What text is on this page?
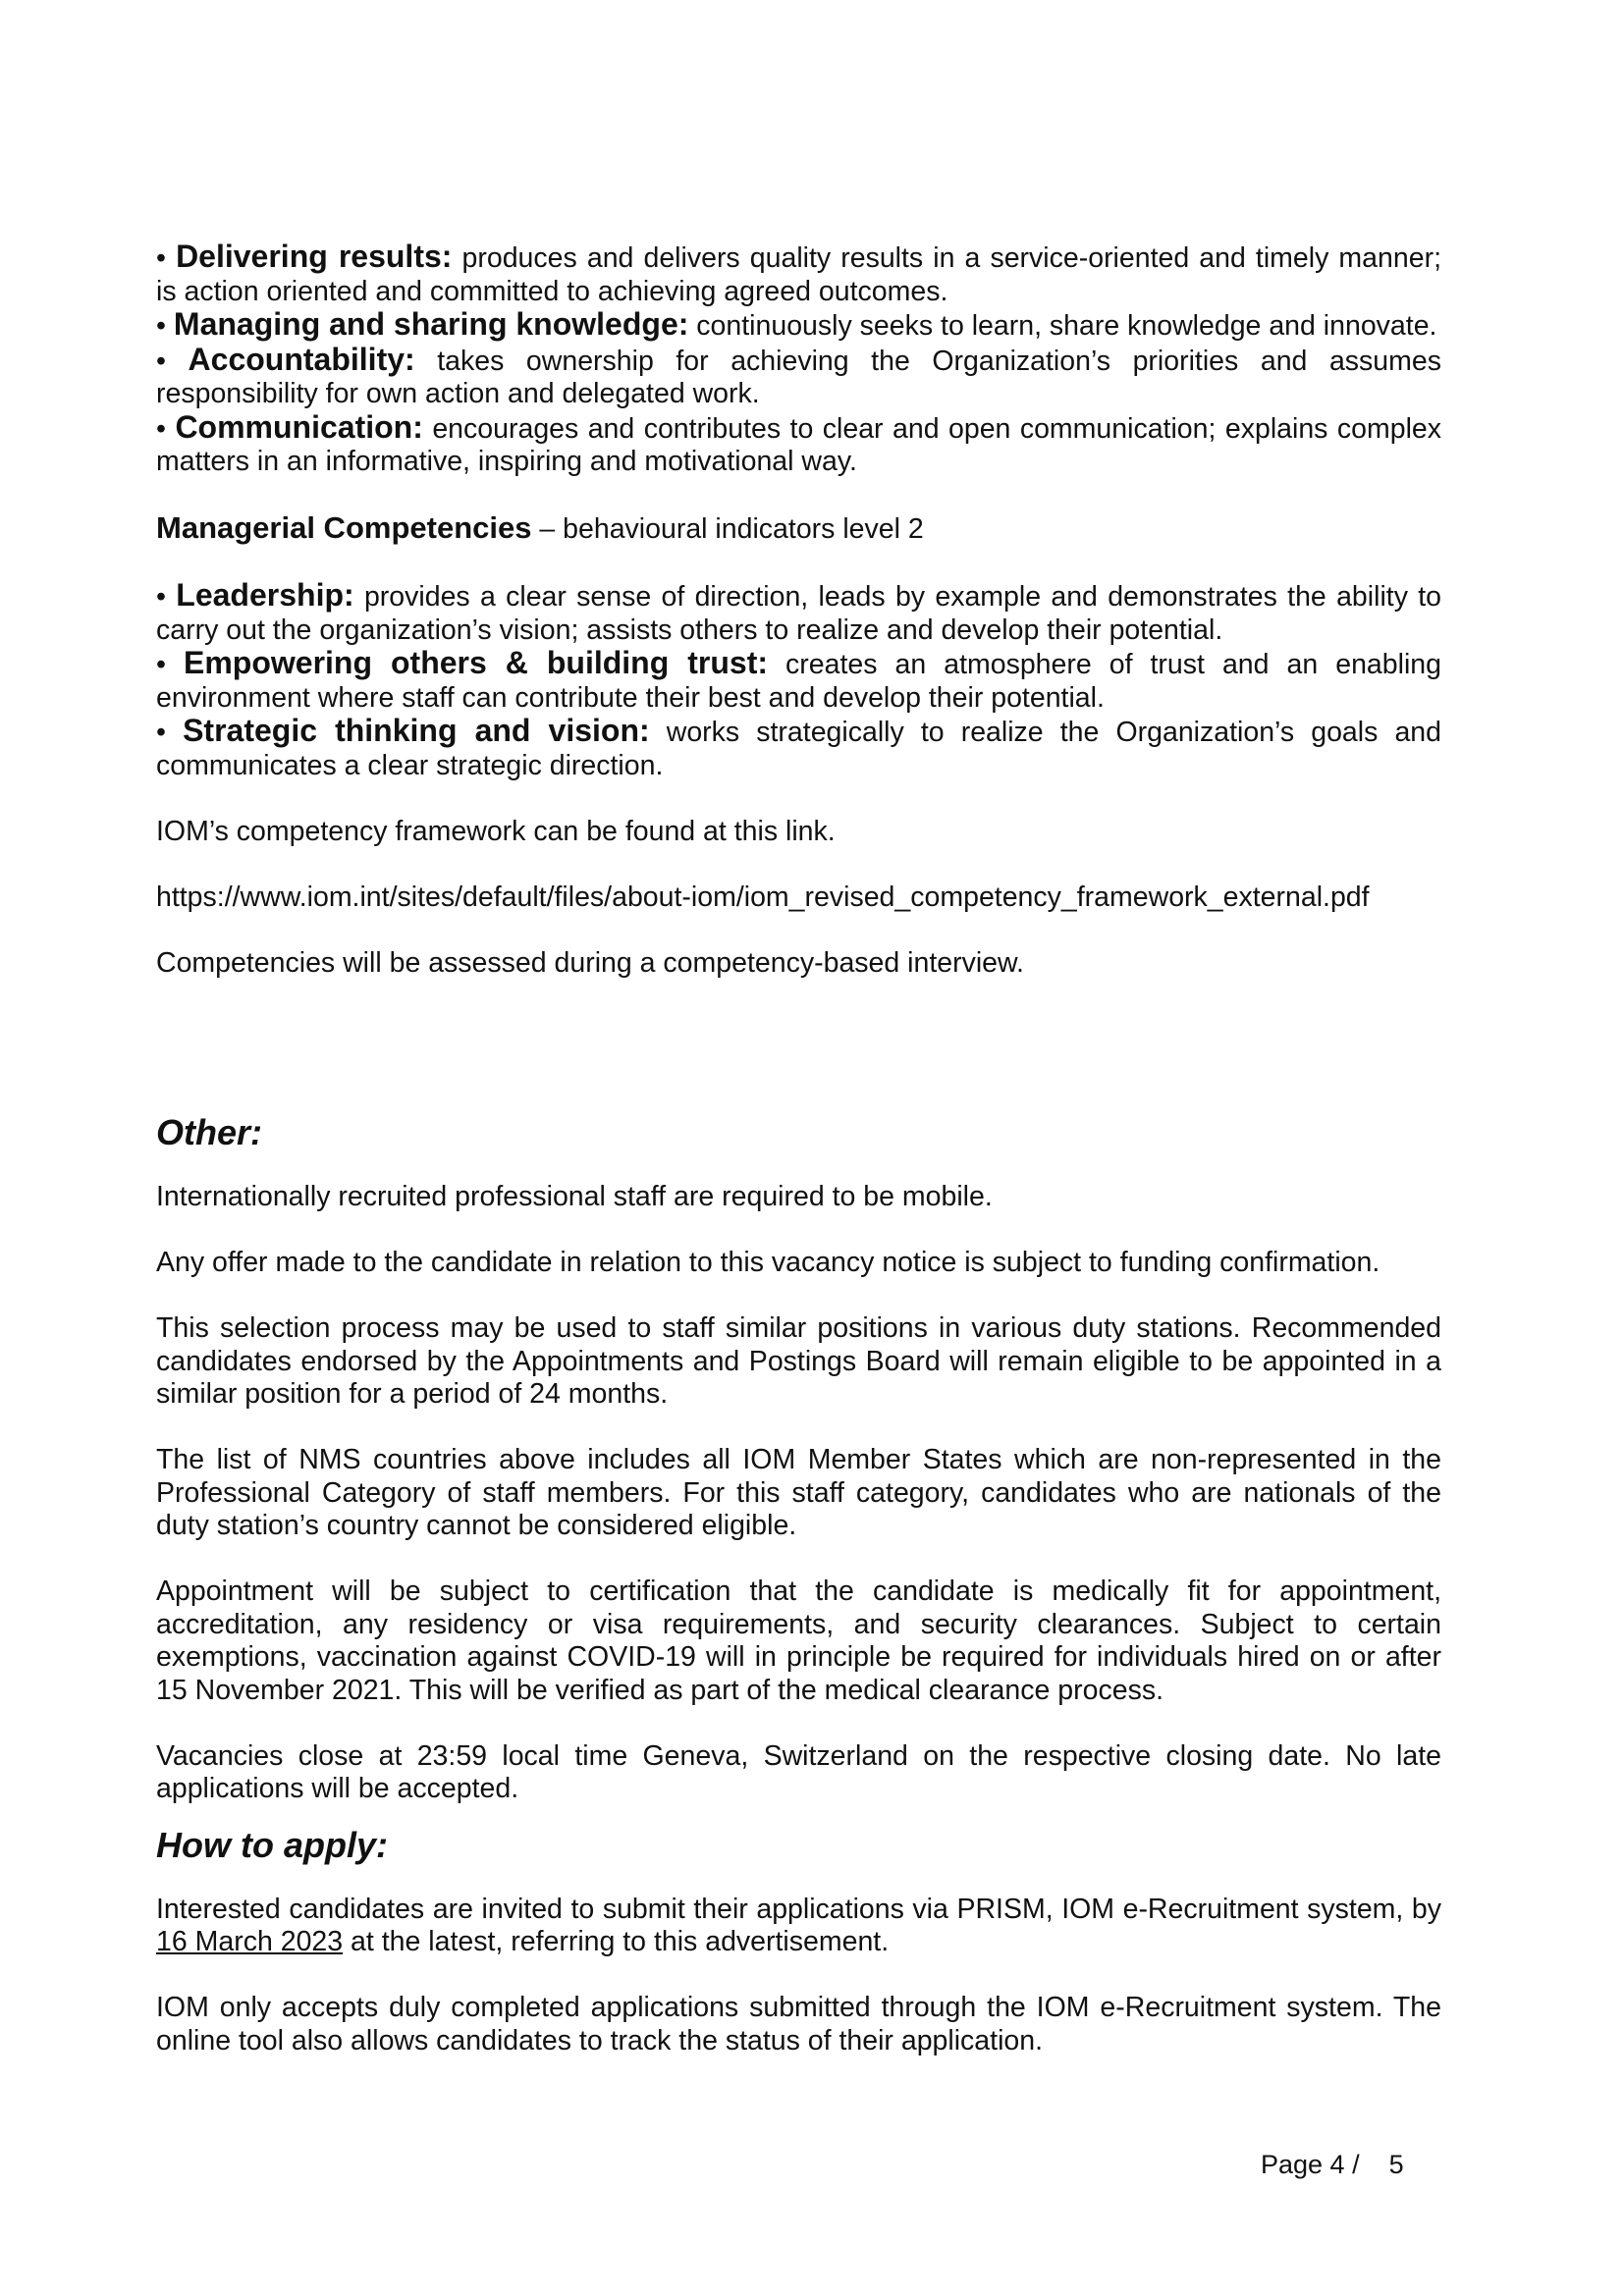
• Delivering results: produces and delivers quality results in a service-oriented and timely manner; is action oriented and committed to achieving agreed outcomes.

• Managing and sharing knowledge: continuously seeks to learn, share knowledge and innovate.

• Accountability: takes ownership for achieving the Organization’s priorities and assumes responsibility for own action and delegated work.

• Communication: encourages and contributes to clear and open communication; explains complex matters in an informative, inspiring and motivational way.

Managerial Competencies – behavioural indicators level 2

• Leadership: provides a clear sense of direction, leads by example and demonstrates the ability to carry out the organization’s vision; assists others to realize and develop their potential.

• Empowering others & building trust: creates an atmosphere of trust and an enabling environment where staff can contribute their best and develop their potential.

• Strategic thinking and vision: works strategically to realize the Organization’s goals and communicates a clear strategic direction.

IOM’s competency framework can be found at this link.

https://www.iom.int/sites/default/files/about-iom/iom_revised_competency_framework_external.pdf

Competencies will be assessed during a competency-based interview.

Other:

Internationally recruited professional staff are required to be mobile.

Any offer made to the candidate in relation to this vacancy notice is subject to funding confirmation.

This selection process may be used to staff similar positions in various duty stations. Recommended candidates endorsed by the Appointments and Postings Board will remain eligible to be appointed in a similar position for a period of 24 months.

The list of NMS countries above includes all IOM Member States which are non-represented in the Professional Category of staff members. For this staff category, candidates who are nationals of the duty station’s country cannot be considered eligible.

Appointment will be subject to certification that the candidate is medically fit for appointment, accreditation, any residency or visa requirements, and security clearances. Subject to certain exemptions, vaccination against COVID-19 will in principle be required for individuals hired on or after 15 November 2021. This will be verified as part of the medical clearance process.

Vacancies close at 23:59 local time Geneva, Switzerland on the respective closing date. No late applications will be accepted.

How to apply:

Interested candidates are invited to submit their applications via PRISM, IOM e-Recruitment system, by 16 March 2023 at the latest, referring to this advertisement.

IOM only accepts duly completed applications submitted through the IOM e-Recruitment system. The online tool also allows candidates to track the status of their application.

Page 4 /    5
